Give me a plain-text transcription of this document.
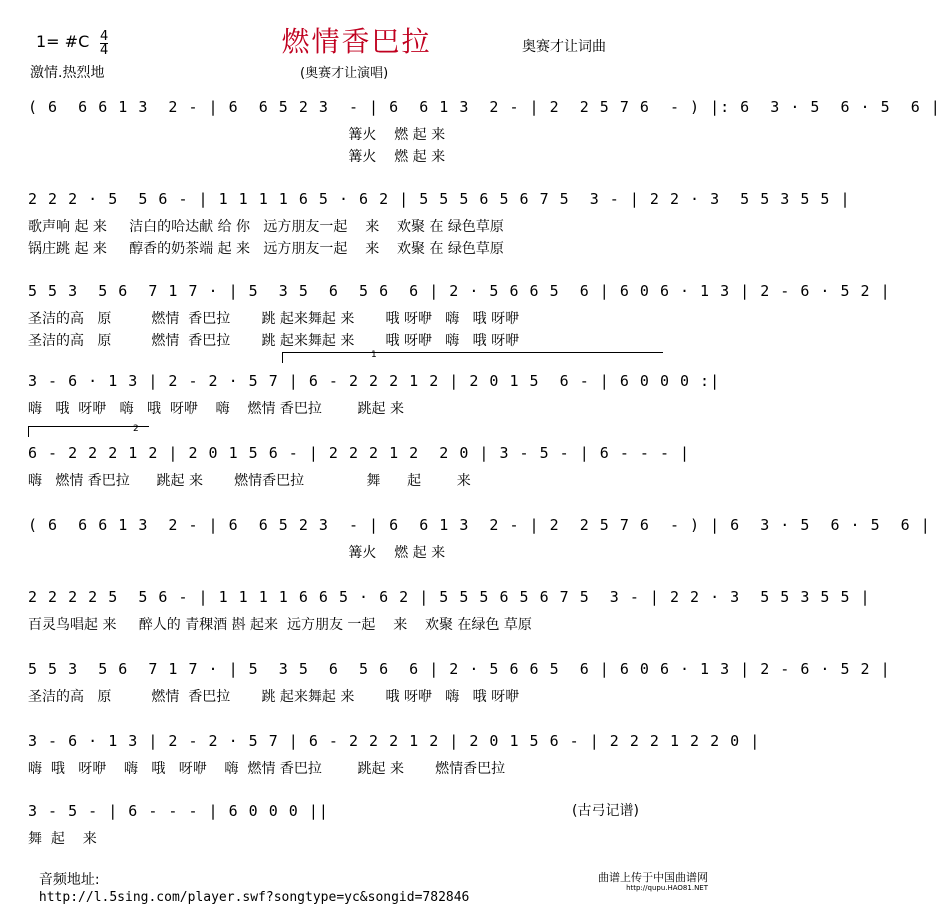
燃情香巴拉
1= #C 4
4
激情.热烈地	(奥赛才让演唱)
奥赛才让词曲
( 6  6 6 1 3  2 - | 6  6 5 2 3  - | 6  6 1 3  2 - | 2  2 5 7 6  - ) |: 6  3 · 5  6 · 5  6 |
篝火    燃 起 来
篝火    燃 起 来
2 2 2 · 5  5 6 - | 1 1 1 1 6 5 · 6 2 | 5 5 5 6 5 6 7 5  3 - | 2 2 · 3  5 5 3 5 5 |
歌声响 起 来     洁白的哈达献 给 你   远方朋友一起    来    欢聚 在 绿色草原
锅庄跳 起 来     醇香的奶茶端 起 来   远方朋友一起    来    欢聚 在 绿色草原
5 5 3  5 6  7 1 7 · | 5  3 5  6  5 6  6 | 2 · 5 6 6 5  6 | 6 0 6 · 1 3 | 2 - 6 · 5 2 |
圣洁的高   原         燃情  香巴拉       跳 起来舞起 来       哦 呀咿   嗨   哦 呀咿
圣洁的高   原         燃情  香巴拉       跳 起来舞起 来       哦 呀咿   嗨   哦 呀咿
1
3 - 6 · 1 3 | 2 - 2 · 5 7 | 6 - 2 2 2 1 2 | 2 0 1 5  6 - | 6 0 0 0 :|
嗨   哦  呀咿   嗨   哦  呀咿    嗨    燃情 香巴拉        跳起 来
2
6 - 2 2 2 1 2 | 2 0 1 5 6 - | 2 2 2 1 2  2 0 | 3 - 5 - | 6 - - - |
嗨   燃情 香巴拉      跳起 来       燃情香巴拉              舞      起        来
( 6  6 6 1 3  2 - | 6  6 5 2 3  - | 6  6 1 3  2 - | 2  2 5 7 6  - ) | 6  3 · 5  6 · 5  6 |
篝火    燃 起 来
2 2 2 2 5  5 6 - | 1 1 1 1 6 6 5 · 6 2 | 5 5 5 6 5 6 7 5  3 - | 2 2 · 3  5 5 3 5 5 |
百灵鸟唱起 来     醉人的 青稞酒 斟 起来  远方朋友 一起    来    欢聚 在绿色 草原
5 5 3  5 6  7 1 7 · | 5  3 5  6  5 6  6 | 2 · 5 6 6 5  6 | 6 0 6 · 1 3 | 2 - 6 · 5 2 |
圣洁的高   原         燃情  香巴拉       跳 起来舞起 来       哦 呀咿   嗨   哦 呀咿
3 - 6 · 1 3 | 2 - 2 · 5 7 | 6 - 2 2 2 1 2 | 2 0 1 5 6 - | 2 2 2 1 2 2 0 |
嗨  哦   呀咿    嗨   哦   呀咿    嗨  燃情 香巴拉        跳起 来       燃情香巴拉
3 - 5 - | 6 - - - | 6 0 0 0 ||
舞  起    来
(古弓记谱)

音频地址:
http://l.5sing.com/player.swf?songtype=yc&songid=782846

曲谱上传于中国曲谱网
http://qupu.HAO81.NET
